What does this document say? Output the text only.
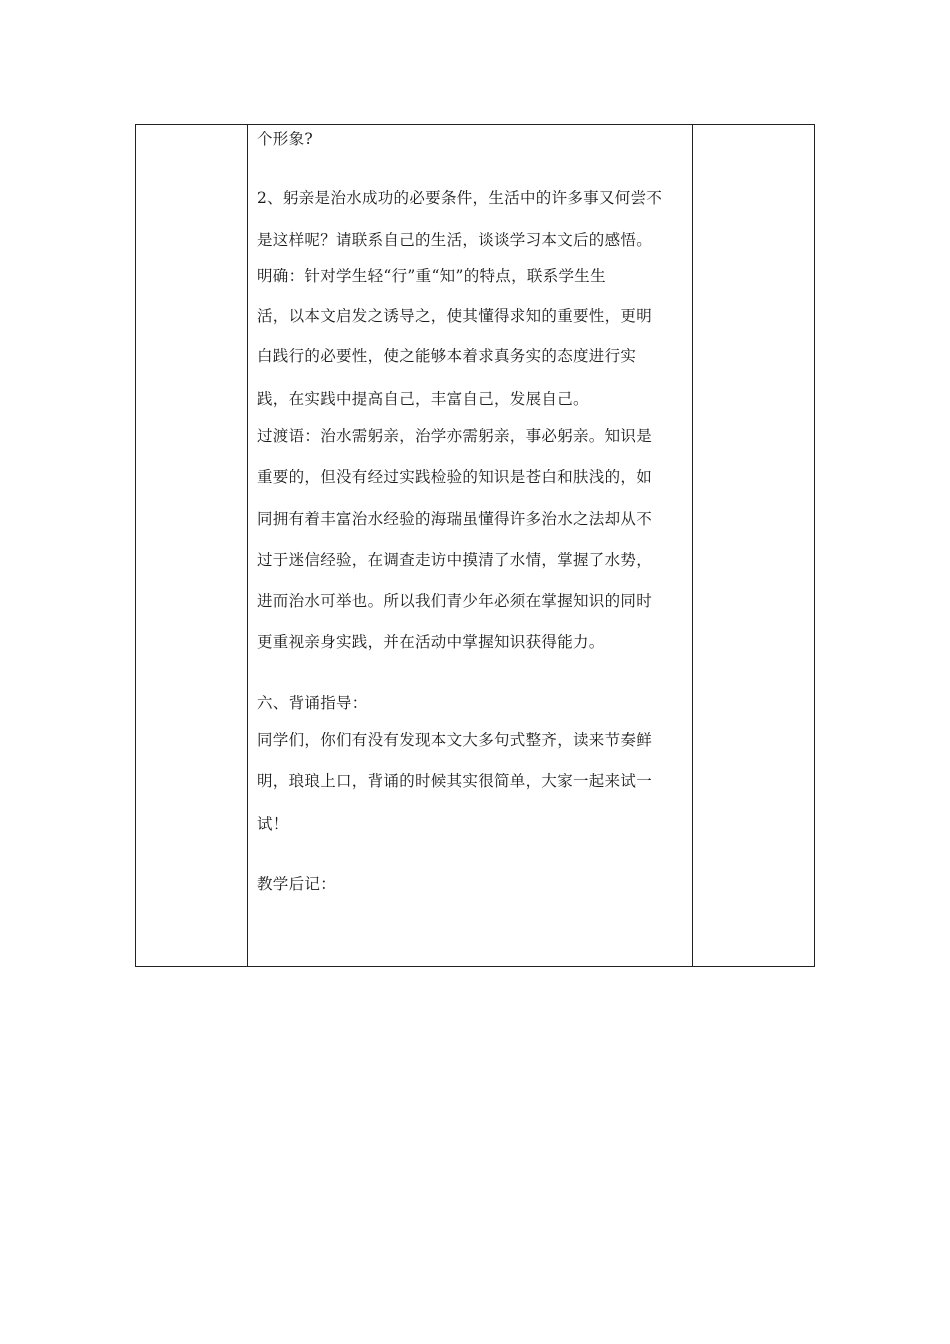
个形象?
2、躬亲是治水成功的必要条件，生活中的许多事又何尝不
是这样呢？请联系自己的生活，谈谈学习本文后的感悟。
明确：针对学生轻“行”重“知”的特点，联系学生生
活，以本文启发之诱导之，使其懂得求知的重要性，更明
白践行的必要性，使之能够本着求真务实的态度进行实
践，在实践中提高自己，丰富自己，发展自己。
过渡语：治水需躬亲，治学亦需躬亲，事必躬亲。知识是
重要的，但没有经过实践检验的知识是苍白和肤浅的，如
同拥有着丰富治水经验的海瑞虽懂得许多治水之法却从不
过于迷信经验，在调查走访中摸清了水情，掌握了水势，
进而治水可举也。所以我们青少年必须在掌握知识的同时
更重视亲身实践，并在活动中掌握知识获得能力。
六、背诵指导：
同学们，你们有没有发现本文大多句式整齐，读来节奏鲜
明，琅琅上口，背诵的时候其实很简单，大家一起来试一
试！
教学后记：
